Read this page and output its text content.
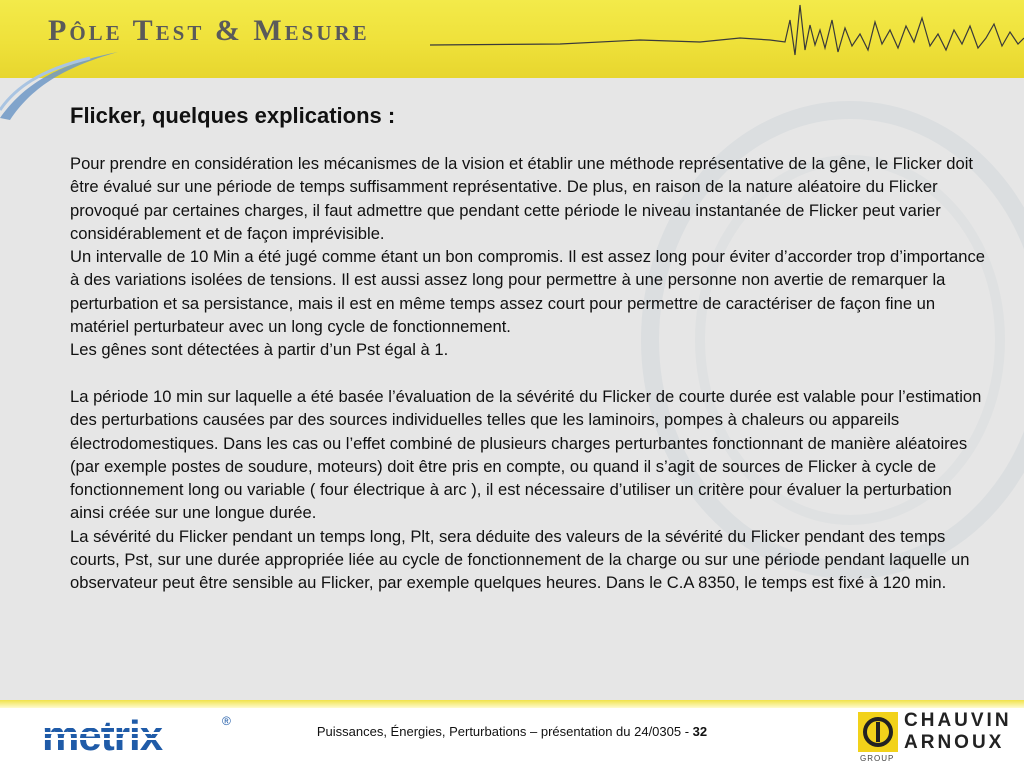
Pôle Test & Mesure
Flicker, quelques explications :

Pour prendre en considération les mécanismes de la vision et établir une méthode représentative de la gêne, le Flicker doit être évalué sur une période de temps suffisamment représentative. De plus, en raison de la nature aléatoire du Flicker provoqué par certaines charges, il faut admettre que pendant cette période le niveau instantanée de Flicker peut varier considérablement et de façon imprévisible.

Un intervalle de 10 Min a été jugé comme étant un bon compromis. Il est assez long pour éviter d’accorder trop d’importance à des variations isolées de tensions. Il est aussi assez long pour permettre à une personne non avertie de remarquer la perturbation et sa persistance, mais il est en même temps assez court pour permettre de caractériser de façon fine un matériel perturbateur avec un long cycle de fonctionnement.

Les gênes sont détectées à partir d’un Pst égal à 1.

La période 10 min sur laquelle a été basée l’évaluation de la sévérité du Flicker de courte durée est valable pour l’estimation des perturbations causées par des sources individuelles telles que les laminoirs, pompes à chaleurs ou appareils électrodomestiques. Dans les cas ou l’effet combiné de plusieurs charges perturbantes fonctionnant de manière aléatoires (par exemple postes de soudure, moteurs) doit être pris en compte, ou quand il s’agit de sources de Flicker à cycle de fonctionnement long ou variable ( four électrique à arc ), il est nécessaire d’utiliser un critère pour évaluer la perturbation ainsi créée sur une longue durée.

La sévérité du Flicker pendant un temps long, Plt, sera déduite des valeurs de la sévérité du Flicker pendant des temps courts, Pst, sur une durée appropriée liée au cycle de fonctionnement de la charge ou sur une période pendant laquelle un observateur peut être sensible au Flicker, par exemple quelques heures. Dans le C.A 8350, le temps est fixé à 120 min.

®
Puissances, Énergies, Perturbations – présentation du 24/0305 - 32
CHAUVIN
ARNOUX
GROUP
